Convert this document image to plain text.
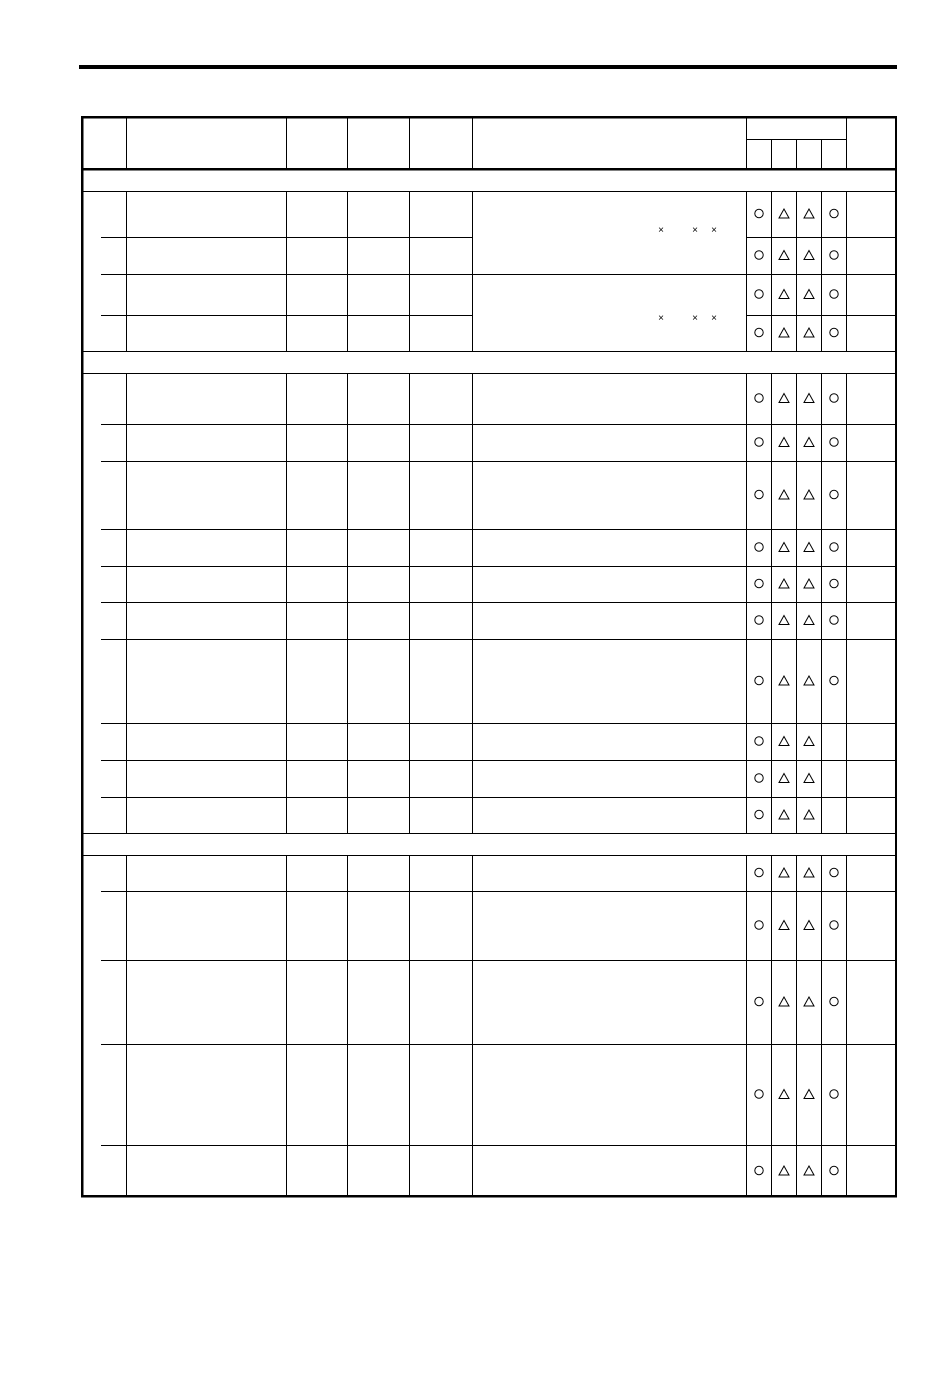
×	× ×
×	× ×
